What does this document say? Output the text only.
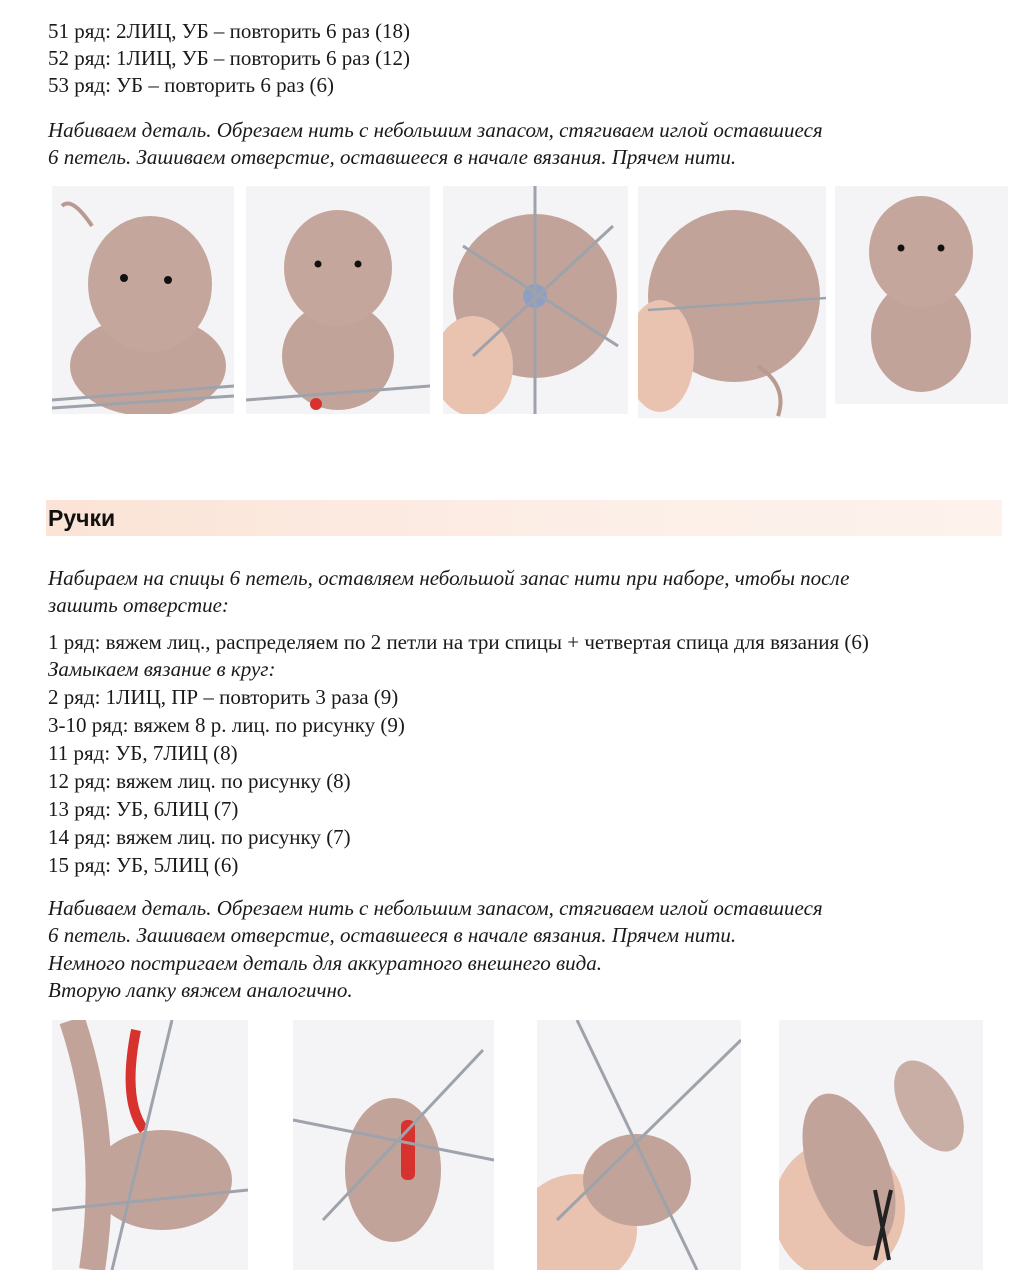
51 ряд: 2ЛИЦ, УБ – повторить 6 раз (18)
52 ряд: 1ЛИЦ, УБ – повторить 6 раз (12)
53 ряд: УБ – повторить 6 раз (6)
Набиваем деталь. Обрезаем нить с небольшим запасом, стягиваем иглой оставшиеся
6 петель. Зашиваем отверстие, оставшееся в начале вязания. Прячем нити.
Ручки
Набираем на спицы 6 петель, оставляем небольшой запас нити при наборе, чтобы после
зашить отверстие:
1 ряд: вяжем лиц., распределяем по 2 петли на три спицы + четвертая спица для вязания (6)
Замыкаем вязание в круг:
2 ряд: 1ЛИЦ, ПР – повторить 3 раза (9)
3-10 ряд: вяжем 8 р. лиц. по рисунку (9)
11 ряд: УБ, 7ЛИЦ (8)
12 ряд: вяжем лиц. по рисунку (8)
13 ряд: УБ, 6ЛИЦ (7)
14 ряд: вяжем лиц. по рисунку (7)
15 ряд: УБ, 5ЛИЦ (6)
Набиваем деталь. Обрезаем нить с небольшим запасом, стягиваем иглой оставшиеся
6 петель. Зашиваем отверстие, оставшееся в начале вязания. Прячем нити.
Немного постригаем деталь для аккуратного внешнего вида.
Вторую лапку вяжем аналогично.
